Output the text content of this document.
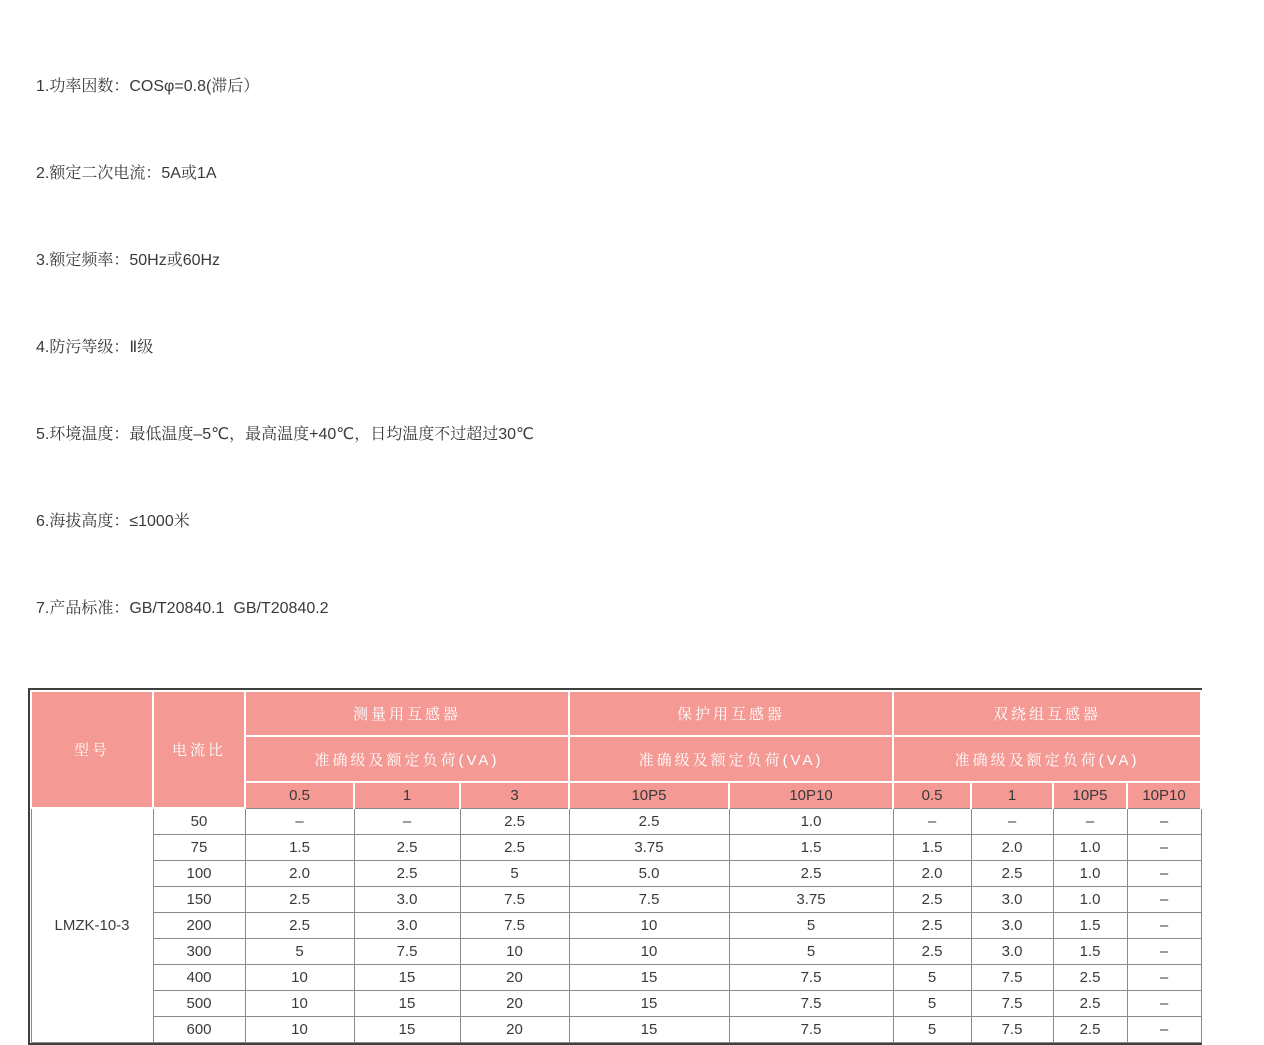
1.功率因数：COSφ=0.8(滞后）

2.额定二次电流：5A或1A

3.额定频率：50Hz或60Hz

4.防污等级：Ⅱ级

5.环境温度：最低温度–5℃，最高温度+40℃，日均温度不过超过30℃

6.海拔高度：≤1000米

7.产品标准：GB/T20840.1  GB/T20840.2

型号	电流比	测量用互感器			保护用互感器		双绕组互感器			
		准确级及额定负荷(VA)			准确级及额定负荷(VA)		准确级及额定负荷(VA)			
		0.5	1	3	10P5	10P10	0.5	1	10P5	10P10
LMZK-10-3	50	–	–	2.5	2.5	1.0	–	–	–	–
	75	1.5	2.5	2.5	3.75	1.5	1.5	2.0	1.0	–
	100	2.0	2.5	5	5.0	2.5	2.0	2.5	1.0	–
	150	2.5	3.0	7.5	7.5	3.75	2.5	3.0	1.0	–
	200	2.5	3.0	7.5	10	5	2.5	3.0	1.5	–
	300	5	7.5	10	10	5	2.5	3.0	1.5	–
	400	10	15	20	15	7.5	5	7.5	2.5	–
	500	10	15	20	15	7.5	5	7.5	2.5	–
	600	10	15	20	15	7.5	5	7.5	2.5	–
